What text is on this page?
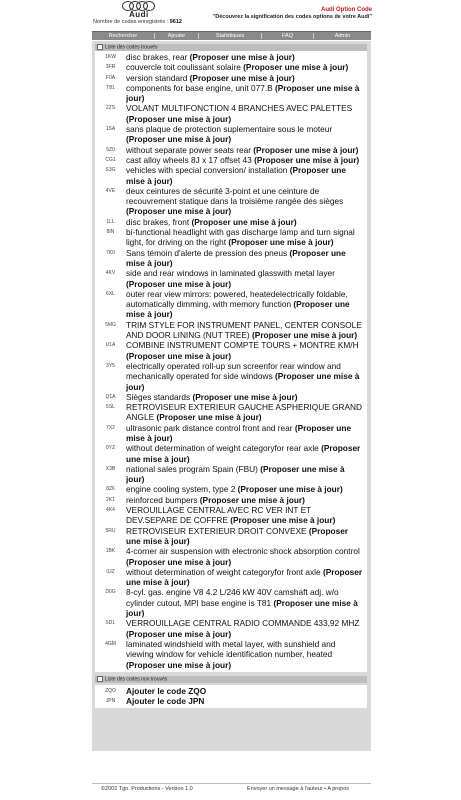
Audi
Nombre de codes enregistrés : 9612
Audi Option Code
"Découvrez la signification des codes options de votre Audi"
Rechercher	Ajouter	Statistiques	FAQ	Admin
Liste des codes trouvés
1KW	disc brakes, rear (Proposer une mise à jour)
3FR	couvercle toit coulissant solaire (Proposer une mise à jour)
F0A	version standard (Proposer une mise à jour)
T81	components for base engine, unit 077.B (Proposer une mise à jour)
2ZS	VOLANT MULTIFONCTION 4 BRANCHES AVEC PALETTES (Proposer une mise à jour)
1SA	sans plaque de protection suplementaire sous le moteur (Proposer une mise à jour)
5Z0	without separate power seats rear (Proposer une mise à jour)
CG1	cast alloy wheels 8J x 17 offset 43 (Proposer une mise à jour)
S3G	vehicles with special conversion/ installation (Proposer une mise à jour)
4VE	deux ceintures de sécurité 3-point et une ceinture de recouvrement statique dans la troisième rangée des sièges (Proposer une mise à jour)
1LL	disc brakes, front (Proposer une mise à jour)
8IN	bi-functional headlight with gas discharge lamp and turn signal light, for driving on the right (Proposer une mise à jour)
7K0	Sans témoin d'alerte de pression des pneus (Proposer une mise à jour)
4KV	side and rear windows in laminated glasswith metal layer (Proposer une mise à jour)
6XL	outer rear view mirrors: powered, heatedelectrically foldable, automatically dimming, with memory function (Proposer une mise à jour)
5MG	TRIM STYLE FOR INSTRUMENT PANEL, CENTER CONSOLE AND DOOR LINING (NUT TREE) (Proposer une mise à jour)
U1A	COMBINE INSTRUMENT COMPTE TOURS + MONTRE KM/H (Proposer une mise à jour)
3Y5	electrically operated roll-up sun screenfor rear window and mechanically operated for side windows (Proposer une mise à jour)
Q1A	Sièges standards (Proposer une mise à jour)
5SL	RETROVISEUR EXTERIEUR GAUCHE ASPHERIQUE GRAND ANGLE (Proposer une mise à jour)
7X2	ultrasonic park distance control front and rear (Proposer une mise à jour)
0YZ	without determination of weight categoryfor rear axle (Proposer une mise à jour)
X3B	national sales program Spain (FBU) (Proposer une mise à jour)
8Z6	engine cooling system, type 2 (Proposer une mise à jour)
2K1	reinforced bumpers (Proposer une mise à jour)
4K4	VEROUILLAGE CENTRAL AVEC RC VER INT ET DEV.SEPARE DE COFFRE (Proposer une mise à jour)
5RU	RETROVISEUR EXTERIEUR DROIT CONVEXE (Proposer une mise à jour)
1BK	4-corner air suspension with electronic shock absorption control (Proposer une mise à jour)
0JZ	without determination of weight categoryfor front axle (Proposer une mise à jour)
D0G	8-cyl. gas. engine V8 4.2 L/246 kW 40V camshaft adj. w/o cylinder cutout, MPI base engine is T81 (Proposer une mise à jour)
5D1	VERROUILLAGE CENTRAL RADIO COMMANDE 433,92 MHZ (Proposer une mise à jour)
4GM	laminated windshield with metal layer, with sunshield and viewing window for vehicle identification number, heated (Proposer une mise à jour)
Liste des codes non trouvés
ZQO	Ajouter le code ZQO
JPN	Ajouter le code JPN
©2002 Tgo. Productions - Version 1.0	Envoyer un message à l'auteur • A propos
